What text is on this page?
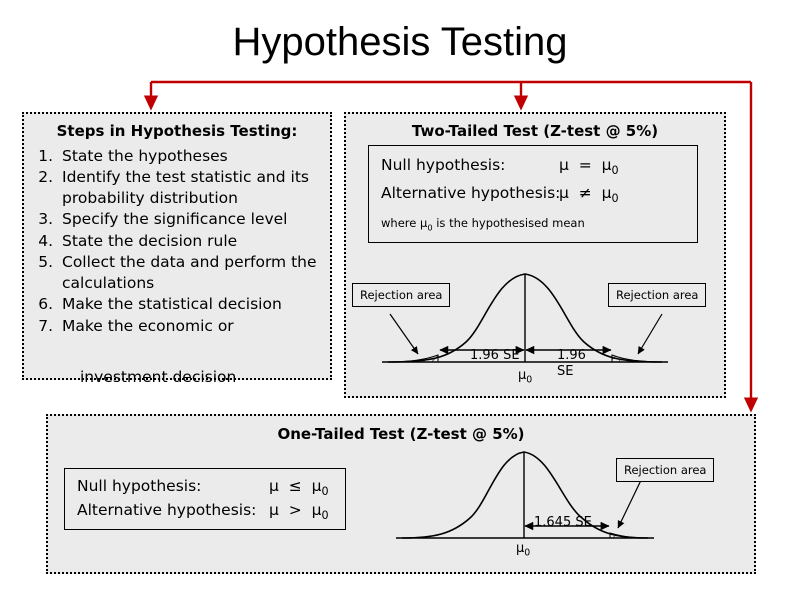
Hypothesis Testing
Steps in Hypothesis Testing:
1. State the hypotheses
2. Identify the test statistic and its probability distribution
3. Specify the significance level
4. State the decision rule
5. Collect the data and perform the calculations
6. Make the statistical decision
7. Make the economic or
investment decision
Two-Tailed Test (Z-test @ 5%)
Null hypothesis:	$\mu = \mu_0$
Alternative hypothesis:
$\mu \ne \mu_0$
where $\mu_0$ is the hypothesised mean
Rejection area	Rejection area
1.96 SE	1.96
SE
$\mu_0$
One-Tailed Test (Z-test @ 5%)
Null hypothesis:	$\mu \le \mu_0$
Alternative hypothesis: $\mu > \mu_0$
Rejection area
1.645 SE
$\mu_0$
